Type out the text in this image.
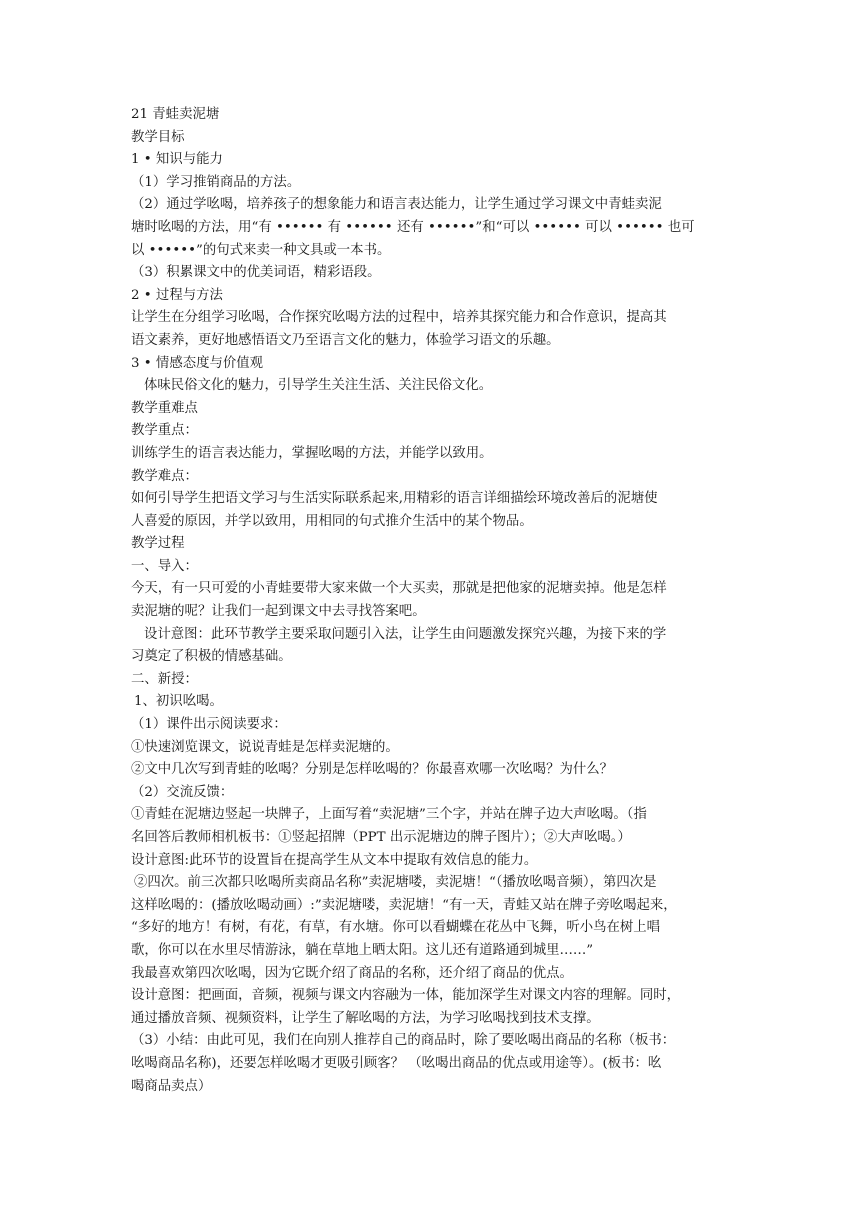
21 青蛙卖泥塘
教学目标
1 • 知识与能力
（1）学习推销商品的方法。
（2）通过学吆喝，培养孩子的想象能力和语言表达能力，让学生通过学习课文中青蛙卖泥
塘时吆喝的方法，用“有 •••••• 有 •••••• 还有 ••••••”和“可以 •••••• 可以 •••••• 也可
以 ••••••”的句式来卖一种文具或一本书。
（3）积累课文中的优美词语，精彩语段。
2 • 过程与方法
让学生在分组学习吆喝，合作探究吆喝方法的过程中，培养其探究能力和合作意识，提高其
语文素养，更好地感悟语文乃至语言文化的魅力，体验学习语文的乐趣。
3 • 情感态度与价值观
体味民俗文化的魅力，引导学生关注生活、关注民俗文化。
教学重难点
教学重点：
训练学生的语言表达能力，掌握吆喝的方法，并能学以致用。
教学难点：
如何引导学生把语文学习与生活实际联系起来,用精彩的语言详细描绘环境改善后的泥塘使
人喜爱的原因，并学以致用，用相同的句式推介生活中的某个物品。
教学过程
一、导入：
今天，有一只可爱的小青蛙要带大家来做一个大买卖，那就是把他家的泥塘卖掉。他是怎样
卖泥塘的呢？让我们一起到课文中去寻找答案吧。
设计意图：此环节教学主要采取问题引入法，让学生由问题激发探究兴趣，为接下来的学
习奠定了积极的情感基础。
二、新授：
1、初识吆喝。
（1）课件出示阅读要求：
①快速浏览课文，说说青蛙是怎样卖泥塘的。
②文中几次写到青蛙的吆喝？分别是怎样吆喝的？你最喜欢哪一次吆喝？为什么？
（2）交流反馈：
①青蛙在泥塘边竖起一块牌子，上面写着“卖泥塘”三个字，并站在牌子边大声吆喝。（指
名回答后教师相机板书：①竖起招牌（PPT 出示泥塘边的牌子图片）；②大声吆喝。）
设计意图:此环节的设置旨在提高学生从文本中提取有效信息的能力。
②四次。前三次都只吆喝所卖商品名称”卖泥塘喽，卖泥塘！“（播放吆喝音频），第四次是
这样吆喝的：(播放吆喝动画）:”卖泥塘喽，卖泥塘！“有一天，青蛙又站在牌子旁吆喝起来，
“多好的地方！有树，有花，有草，有水塘。你可以看蝴蝶在花丛中飞舞，听小鸟在树上唱
歌，你可以在水里尽情游泳，躺在草地上晒太阳。这儿还有道路通到城里……”
我最喜欢第四次吆喝，因为它既介绍了商品的名称，还介绍了商品的优点。
设计意图：把画面，音频，视频与课文内容融为一体，能加深学生对课文内容的理解。同时，
通过播放音频、视频资料，让学生了解吆喝的方法，为学习吆喝找到技术支撑。
（3）小结：由此可见，我们在向别人推荐自己的商品时，除了要吆喝出商品的名称（板书：
吆喝商品名称)，还要怎样吆喝才更吸引顾客？ （吆喝出商品的优点或用途等）。(板书：吆
喝商品卖点）
